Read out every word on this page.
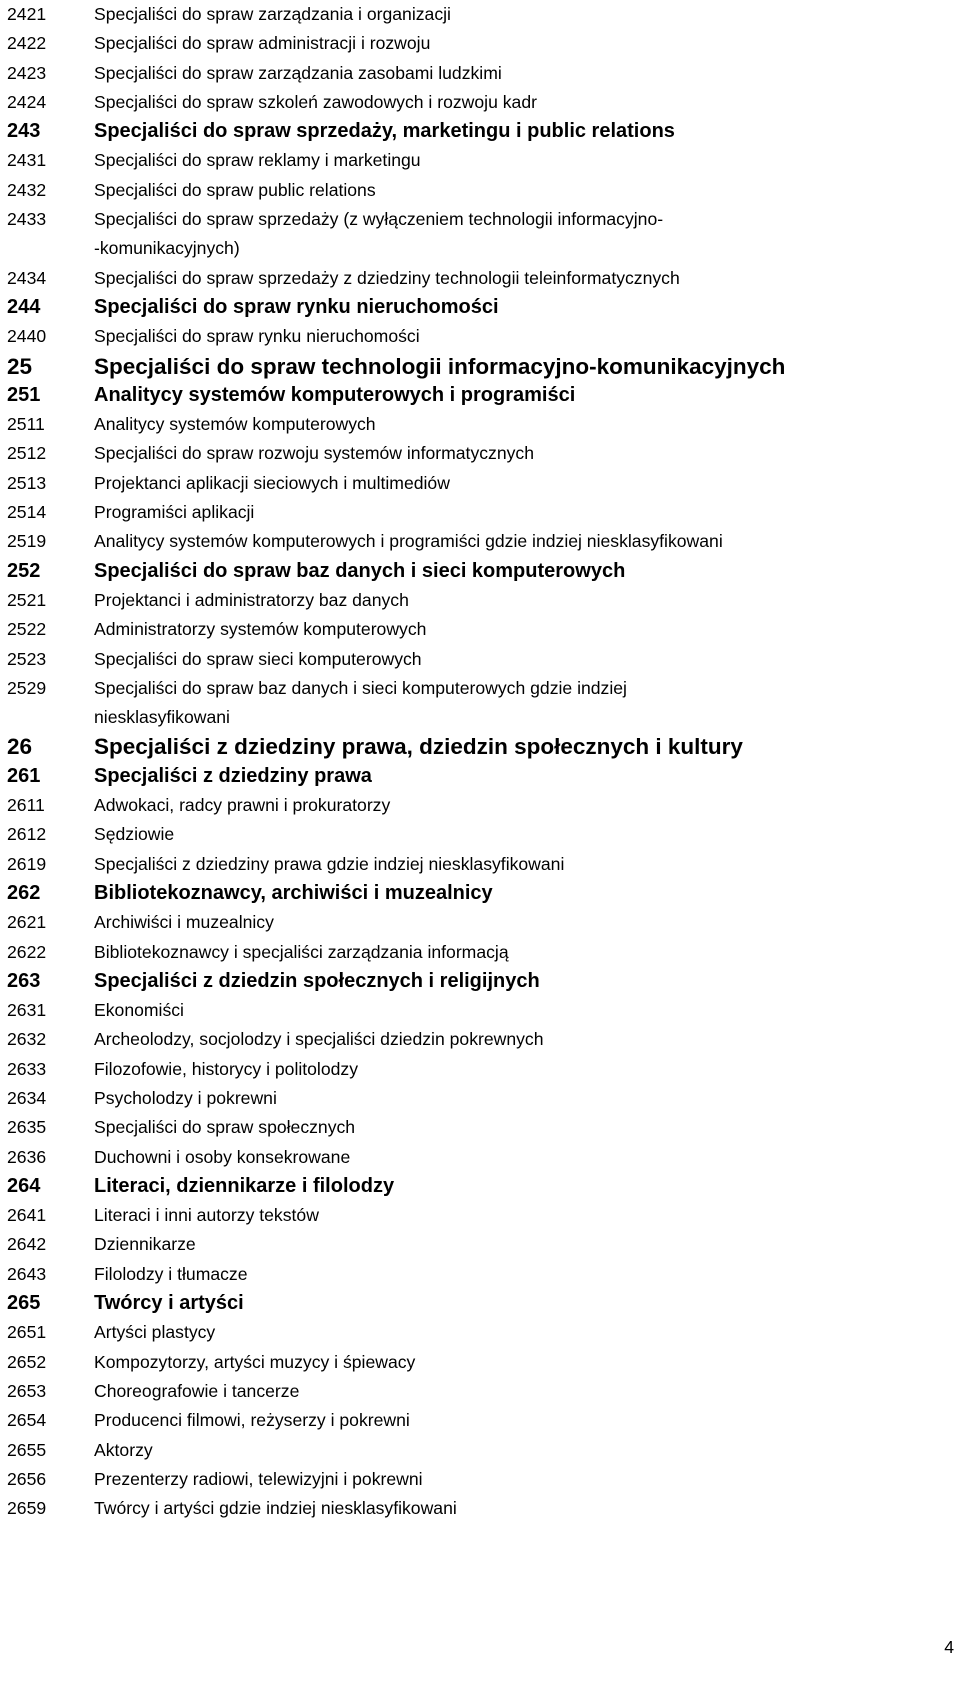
2421	Specjaliści do spraw zarządzania i organizacji
2422	Specjaliści do spraw administracji i rozwoju
2423	Specjaliści do spraw zarządzania zasobami ludzkimi
2424	Specjaliści do spraw szkoleń zawodowych i rozwoju kadr
243	Specjaliści do spraw sprzedaży, marketingu i public relations
2431	Specjaliści do spraw reklamy i marketingu
2432	Specjaliści do spraw public relations
2433	Specjaliści do spraw sprzedaży (z wyłączeniem technologii informacyjno-
-komunikacyjnych)
2434	Specjaliści do spraw sprzedaży z dziedziny technologii teleinformatycznych
244	Specjaliści do spraw rynku nieruchomości
2440	Specjaliści do spraw rynku nieruchomości
25	Specjaliści do spraw technologii informacyjno-komunikacyjnych
251	Analitycy systemów komputerowych i programiści
2511	Analitycy systemów komputerowych
2512	Specjaliści do spraw rozwoju systemów informatycznych
2513	Projektanci aplikacji sieciowych i multimediów
2514	Programiści aplikacji
2519	Analitycy systemów komputerowych i programiści gdzie indziej niesklasyfikowani
252	Specjaliści do spraw baz danych i sieci komputerowych
2521	Projektanci i administratorzy baz danych
2522	Administratorzy systemów komputerowych
2523	Specjaliści do spraw sieci komputerowych
2529	Specjaliści do spraw baz danych i sieci komputerowych gdzie indziej
niesklasyfikowani
26	Specjaliści z dziedziny prawa, dziedzin społecznych i kultury
261	Specjaliści z dziedziny prawa
2611	Adwokaci, radcy prawni i prokuratorzy
2612	Sędziowie
2619	Specjaliści z dziedziny prawa gdzie indziej niesklasyfikowani
262	Bibliotekoznawcy, archiwiści i muzealnicy
2621	Archiwiści i muzealnicy
2622	Bibliotekoznawcy i specjaliści zarządzania informacją
263	Specjaliści z dziedzin społecznych i religijnych
2631	Ekonomiści
2632	Archeolodzy, socjolodzy i specjaliści dziedzin pokrewnych
2633	Filozofowie, historycy i politolodzy
2634	Psycholodzy i pokrewni
2635	Specjaliści do spraw społecznych
2636	Duchowni i osoby konsekrowane
264	Literaci, dziennikarze i filolodzy
2641	Literaci i inni autorzy tekstów
2642	Dziennikarze
2643	Filolodzy i tłumacze
265	Twórcy i artyści
2651	Artyści plastycy
2652	Kompozytorzy, artyści muzycy i śpiewacy
2653	Choreografowie i tancerze
2654	Producenci filmowi, reżyserzy i pokrewni
2655	Aktorzy
2656	Prezenterzy radiowi, telewizyjni i pokrewni
2659	Twórcy i artyści gdzie indziej niesklasyfikowani
4
